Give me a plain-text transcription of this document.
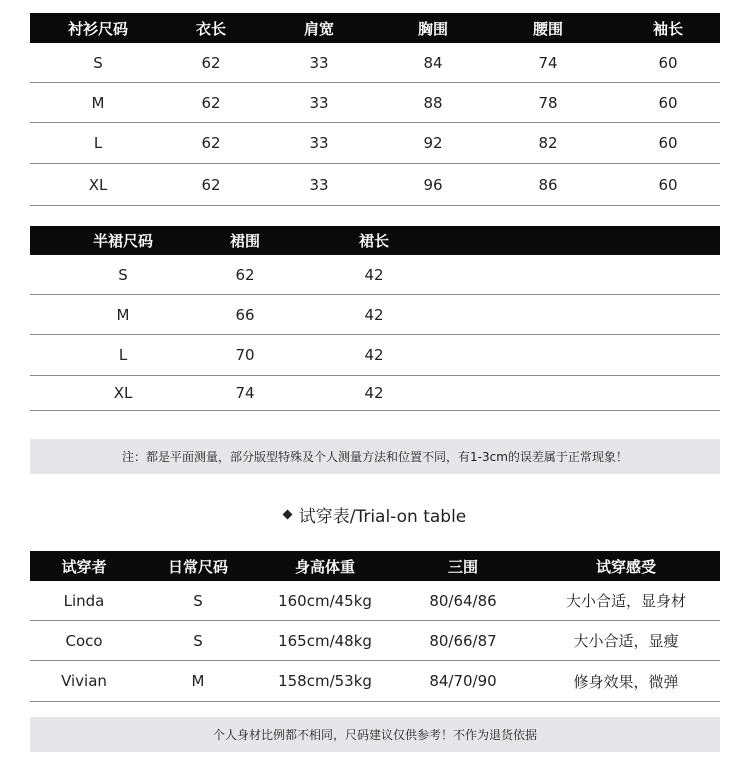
衬衫尺码	衣长	肩宽	胸围	腰围	袖长
S	62	33	84	74	60
M	62	33	88	78	60
L	62	33	92	82	60
XL	62	33	96	86	60
半裙尺码	裙围	裙长
S	62	42
M	66	42
L	70	42
XL	74	42
注：都是平面测量，部分版型特殊及个人测量方法和位置不同，有1-3cm的误差属于正常现象！
试穿表/Trial-on table
试穿者	日常尺码	身高体重	三围	试穿感受
Linda	S	160cm/45kg	80/64/86	大小合适，显身材
Coco	S	165cm/48kg	80/66/87	大小合适，显瘦
Vivian	M	158cm/53kg	84/70/90	修身效果，微弹
个人身材比例都不相同，尺码建议仅供参考！不作为退货依据
